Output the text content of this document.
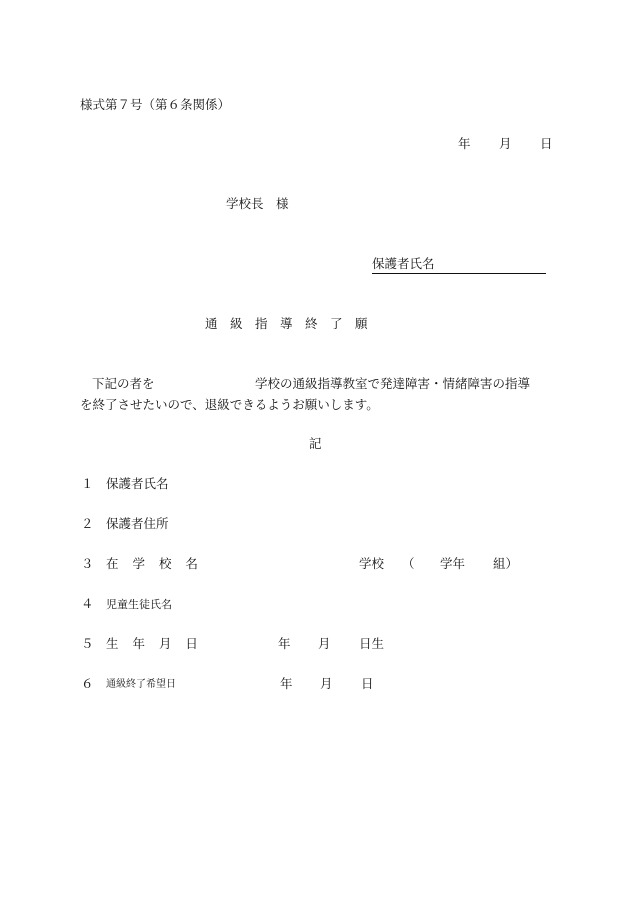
様式第７号（第６条関係）
年 月 日
学校長　様
保護者氏名
通　級　指　導　終　了　願
下記の者を	学校の通級指導教室で発達障害・情緒障害の指導
を終了させたいので、退級できるようお願いします。
記
１ 保護者氏名
２ 保護者住所
３ 在 学 校 名	学校 （ 学年 組）
４ 児童生徒氏名
５ 生 年 月 日	年 月 日生
６ 通級終了希望日	年 月 日
